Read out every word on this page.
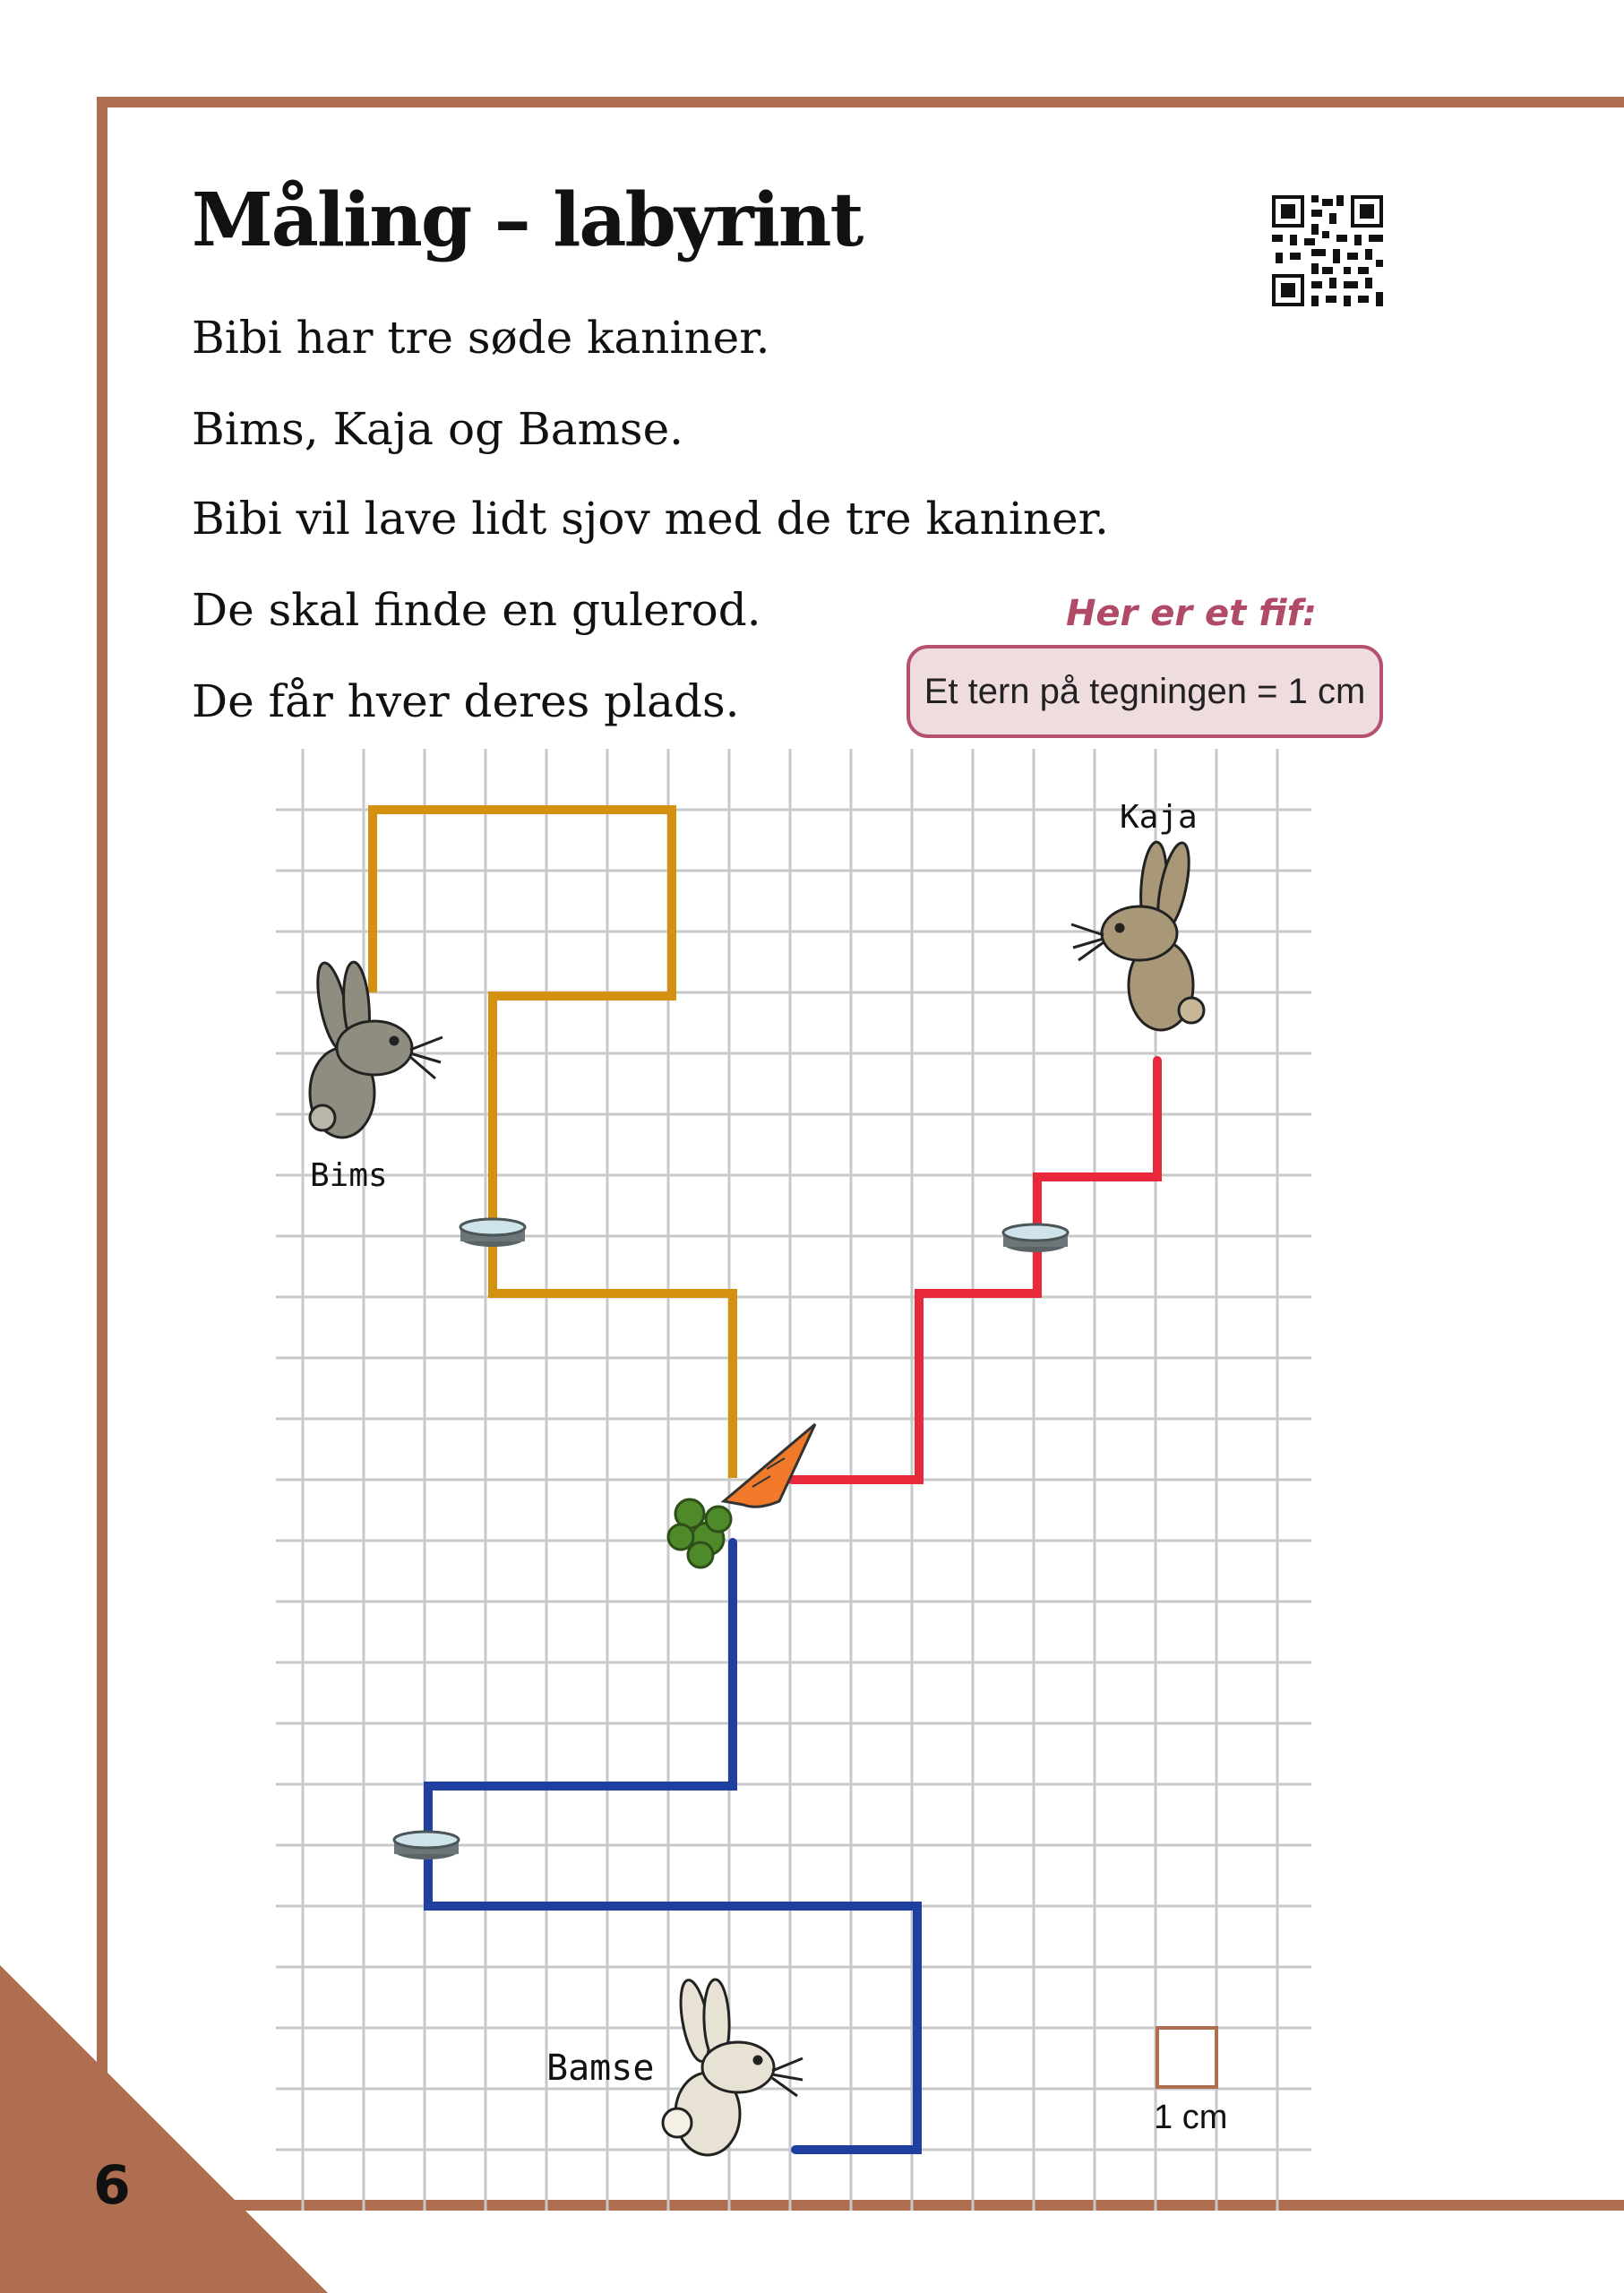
Måling – labyrint

Bibi har tre søde kaniner.

Bims, Kaja og Bamse.

Bibi vil lave lidt sjov med de tre kaniner.

De skal finde en gulerod.

De får hver deres plads.

Her er et fif:

Et tern på tegningen = 1 cm
Bims
Kaja
Bamse
1 cm

6
